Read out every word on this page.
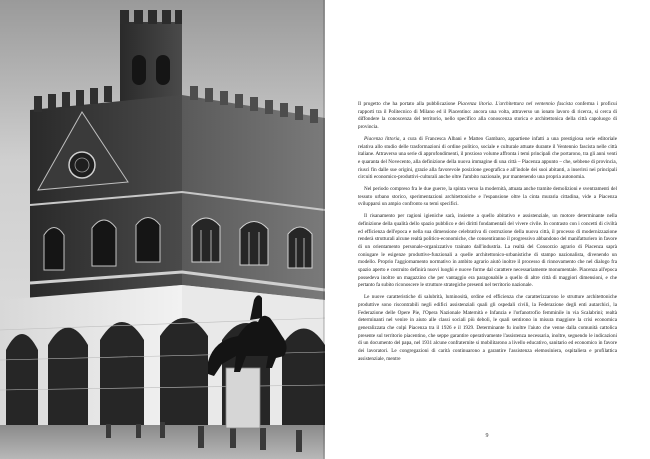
Il progetto che ha portato alla pubblicazione Piacenza litoria. L'architettura nel ventennio fascista conferma i proficui rapporti tra il Politecnico di Milano ed il Piacentino: ancora una volta, attraverso un ionato lavoro di ricerca, si cerca di diffondere la conoscenza del territorio, nello specifico alla conoscenza storica e architettonica della città capoluogo di provincia.

Piacenza littoria, a cura di Francesca Albani e Matteo Gambaro, appartiene infatti a una prestigiosa serie editoriale relativa allo studio delle trasformazioni di ordine politico, sociale e culturale attuate durante il Ventennio fascista nelle città italiane. Attraverso una serie di approfondimenti, il prezioso volume affronta i temi principali che portarono, tra gli anni venti e quaranta del Novecento, alla definizione della nuova immagine di una città – Piacenza appunto – che, sebbene di provincia, riuscì fin dalle sue origini, grazie alla favorevole posizione geografica e all'indole dei suoi abitanti, a inserirsi nei principali circuiti economico-produttivi-culturali anche oltre l'ambito nazionale, pur mantenendo una propria autonomia.

Nel periodo compreso fra le due guerre, la spinta verso la modernità, attuata anche tramite demolizioni e sventramenti del tessuto urbano storico, sperimentazioni architettoniche e l'espansione oltre la cinta muraria cittadina, vide a Piacenza svilupparsi un ampio confronto su temi specifici.

Il risanamento per ragioni igieniche sarà, insieme a quello abitativo e assistenziale, un motore determinante nella definizione della qualità dello spazio pubblico e dei diritti fondamentali del vivere civile. In contrasto con i concetti di civiltà ed efficienza dell'epoca e nella sua dimensione celebrativa di costruzione della nuova città, il processo di modernizzazione renderà strutturali alcune realtà politico-economiche, che consentiranno il progressivo abbandono del manifatturiero in favore di un orientamento personale-organizzativo trainato dall'industria. La realtà del Consorzio agrario di Piacenza saprà coniugare le esigenze produttive-funzionali a quelle architettonico-urbanistiche di stampo nazionalista, divenendo un modello. Proprio l'aggiornamento normativo in ambito agrario aiutò inoltre il processo di rinnovamento che nel dialogo fra spazio aperto e costruito definirà nuovi luoghi e nuove forme dal carattere necessariamente monumentale. Piacenza all'epoca possedeva inoltre un magazzino che per vantaggio era paragonabile a quello di altre città di maggiori dimensioni, e che pertanto fa subito riconoscere le strutture strategiche presenti nel territorio nazionale.

Le nuove caratteristiche di salubrità, luminosità, ordine ed efficienza che caratterizzarono le strutture architettoniche produttive sono riscontrabili negli edifici assistenziali quali gli ospedali civili, la Federazione degli enti autarchici, la Federazione delle Opere Pie, l'Opera Nazionale Maternità e Infanzia e l'orfanotrofio femminile in via Scalabrini; realtà determinanti nel venire in aiuto alle classi sociali più deboli, le quali sentirono in misura maggiore la crisi economica generalizzata che colpì Piacenza tra il 1926 e il 1929. Determinante fu inoltre l'aiuto che venne dalla comunità cattolica presente sul territorio piacentino, che seppe garantire operativamente l'assistenza necessaria, inoltre, seguendo le indicazioni di un documento del papa, nel 1931 alcune confraternite si mobilitarono a livello educativo, sanitario ed economico in favore dei lavoratori. Le congregazioni di carità continuarono a garantire l'assistenza elemosiniera, ospitaliera e profilattica assistenziale, mentre

9
